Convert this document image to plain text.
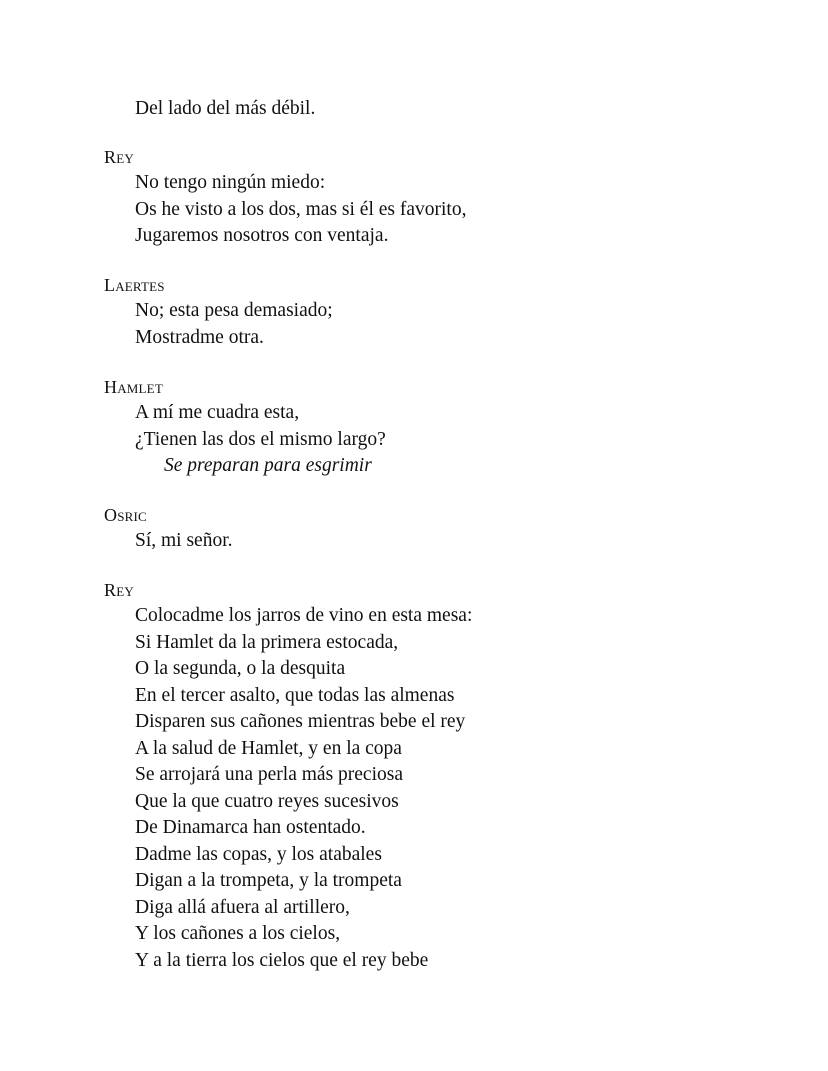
Del lado del más débil.
Rey
No tengo ningún miedo:
Os he visto a los dos, mas si él es favorito,
Jugaremos nosotros con ventaja.
Laertes
No; esta pesa demasiado;
Mostradme otra.
Hamlet
A mí me cuadra esta,
¿Tienen las dos el mismo largo?
Se preparan para esgrimir
Osric
Sí, mi señor.
Rey
Colocadme los jarros de vino en esta mesa:
Si Hamlet da la primera estocada,
O la segunda, o la desquita
En el tercer asalto, que todas las almenas
Disparen sus cañones mientras bebe el rey
A la salud de Hamlet, y en la copa
Se arrojará una perla más preciosa
Que la que cuatro reyes sucesivos
De Dinamarca han ostentado.
Dadme las copas, y los atabales
Digan a la trompeta, y la trompeta
Diga allá afuera al artillero,
Y los cañones a los cielos,
Y a la tierra los cielos que el rey bebe
